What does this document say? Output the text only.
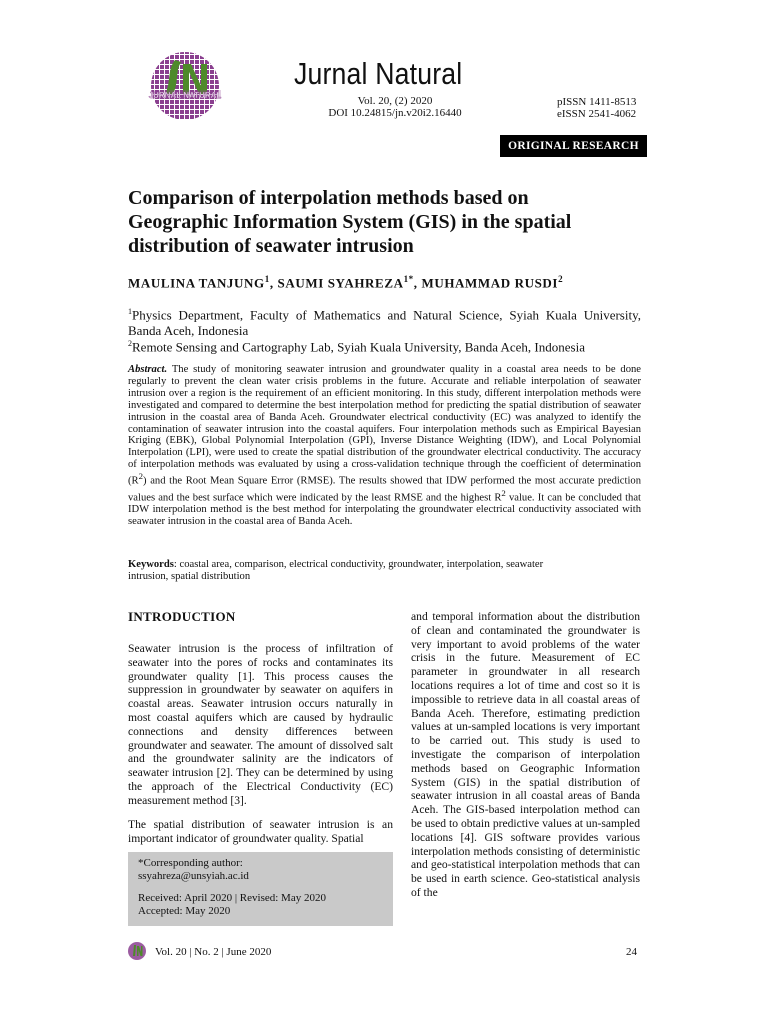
JURNAL NATURAL
Jurnal Natural
Vol. 20, (2) 2020
DOI 10.24815/jn.v20i2.16440
pISSN 1411-8513
eISSN 2541-4062
ORIGINAL RESEARCH
Comparison of interpolation methods based on
Geographic Information System (GIS) in the spatial
distribution of seawater intrusion
MAULINA TANJUNG$^1$, SAUMI $SYAHREZA^{1*}$, MUHAMMAD RUSDI$^2$
$^1$Physics Department, Faculty of Mathematics and Natural Science, Syiah Kuala University, Banda Aceh, Indonesia
$^2$Remote Sensing and Cartography Lab, Syiah Kuala University, Banda Aceh, Indonesia
Abstract. The study of monitoring seawater intrusion and groundwater quality in a coastal area needs to be done regularly to prevent the clean water crisis problems in the future. Accurate and reliable interpolation of seawater intrusion over a region is the requirement of an efficient monitoring. In this study, different interpolation methods were investigated and compared to determine the best interpolation method for predicting the spatial distribution of seawater intrusion in the coastal area of Banda Aceh. Groundwater electrical conductivity (EC) was analyzed to identify the contamination of seawater intrusion into the coastal aquifers. Four interpolation methods such as Empirical Bayesian Kriging (EBK), Global Polynomial Interpolation (GPI), Inverse Distance Weighting (IDW), and Local Polynomial Interpolation (LPI), were used to create the spatial distribution of the groundwater electrical conductivity. The accuracy of interpolation methods was evaluated by using a cross-validation technique through the coefficient of determination $(R^2)$ and the Root Mean Square Error (RMSE). The results showed that IDW performed the most accurate prediction values and the best surface which were indicated by the least RMSE and the highest $R^2$ value. It can be concluded that IDW interpolation method is the best method for interpolating the groundwater electrical conductivity associated with seawater intrusion in the coastal area of Banda Aceh.
Keywords: coastal area, comparison, electrical conductivity, groundwater, interpolation, seawater intrusion, spatial distribution
INTRODUCTION

Seawater intrusion is the process of infiltration of seawater into the pores of rocks and contaminates its groundwater quality [1]. This process causes the suppression in groundwater by seawater on aquifers in coastal areas. Seawater intrusion occurs naturally in most coastal aquifers which are caused by hydraulic connections and density differences between groundwater and seawater. The amount of dissolved salt and the groundwater salinity are the indicators of seawater intrusion [2]. They can be determined by using the approach of the Electrical Conductivity (EC) measurement method [3].

The spatial distribution of seawater intrusion is an important indicator of groundwater quality. Spatial

and temporal information about the distribution of clean and contaminated the groundwater is very important to avoid problems of the water crisis in the future. Measurement of EC parameter in groundwater in all research locations requires a lot of time and cost so it is impossible to retrieve data in all coastal areas of Banda Aceh. Therefore, estimating prediction values at un-sampled locations is very important to be carried out. This study is used to investigate the comparison of interpolation methods based on Geographic Information System (GIS) in the spatial distribution of seawater intrusion in all coastal areas of Banda Aceh. The GIS-based interpolation method can be used to obtain predictive values at un-sampled locations [4]. GIS software provides various interpolation methods consisting of deterministic and geo-statistical interpolation methods that can be used in earth science. Geo-statistical analysis of the

*Corresponding author:
ssyahreza@unsyiah.ac.id
Received: April 2020 | Revised: May 2020
Accepted: May 2020
Vol. 20 | No. 2 | June 2020	24
